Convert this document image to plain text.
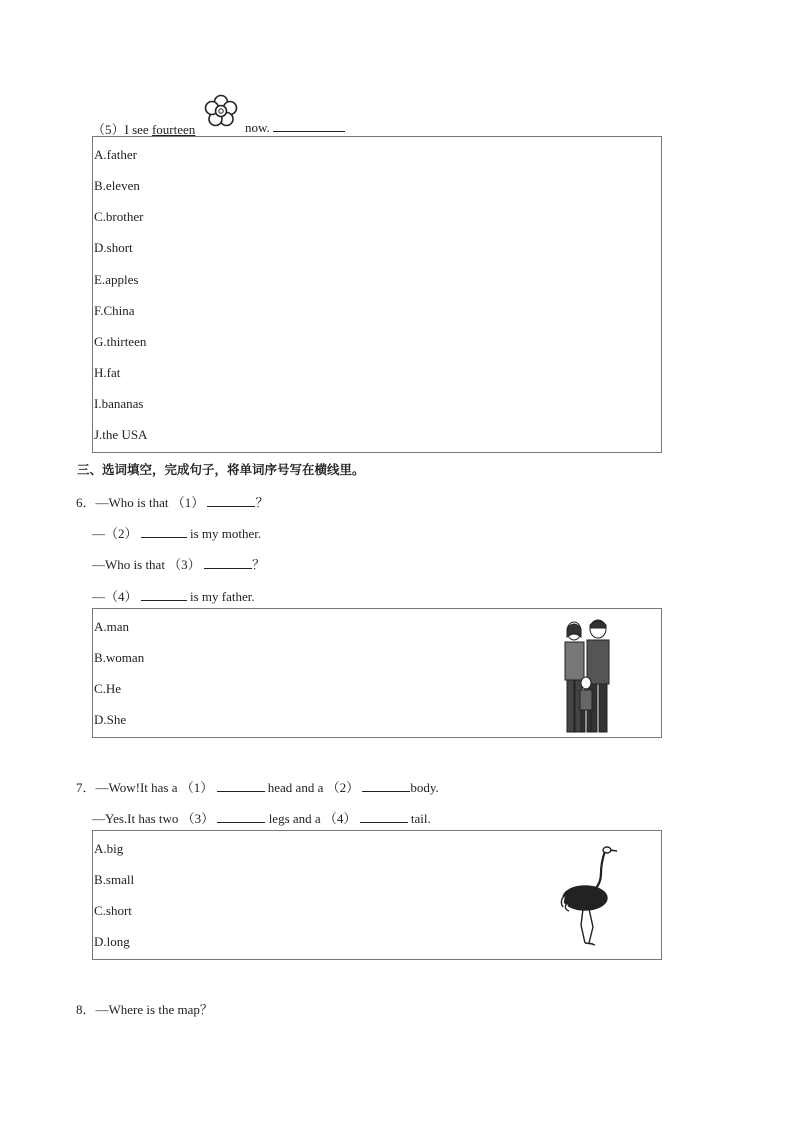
（5）I see fourteen	now.
A.father
B.eleven
C.brother
D.short
E.apples
F.China
G.thirteen
H.fat
I.bananas
J.the USA
三、选词填空，完成句子，将单词序号写在横线里。
6．—Who is that （1）	？
—（2）	is my mother.
—Who is that （3）	？
—（4）	is my father.
A.man
B.woman
C.He
D.She
7．—Wow!It has a （1）	head and a （2）	body.
—Yes.It has two （3）	legs and a （4）	tail.
A.big
B.small
C.short
D.long
8．—Where is the map？
